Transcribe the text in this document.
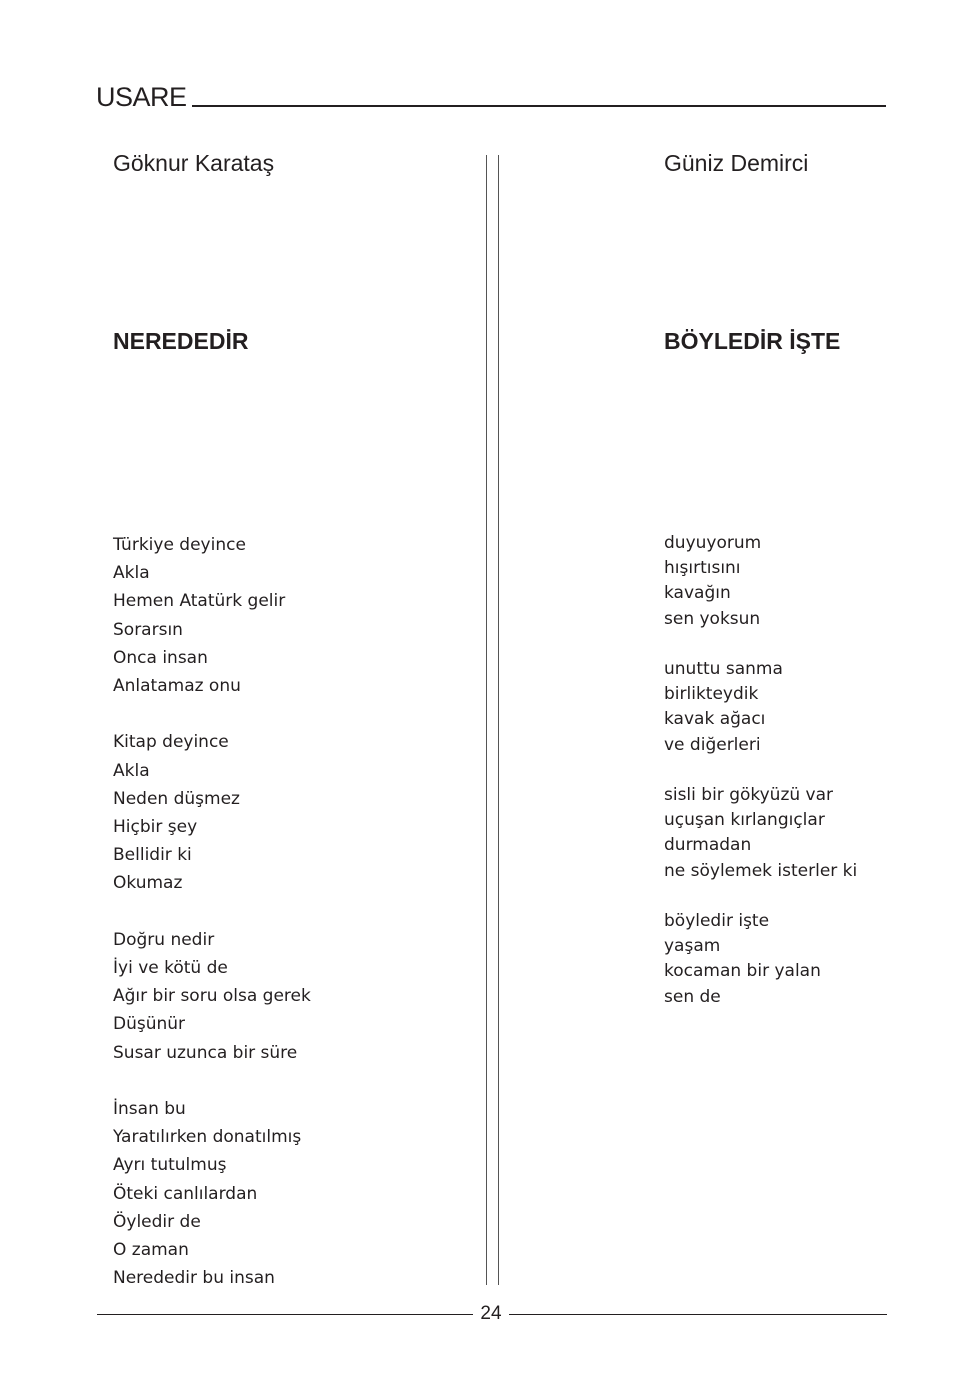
USARE
Göknur Karataş
NEREDEDİR

Türkiye deyince
Akla
Hemen Atatürk gelir
Sorarsın
Onca insan
Anlatamaz onu

Kitap deyince
Akla
Neden düşmez
Hiçbir şey
Bellidir ki
Okumaz

Doğru nedir
İyi ve kötü de
Ağır bir soru olsa gerek
Düşünür
Susar uzunca bir süre

İnsan bu
Yaratılırken donatılmış
Ayrı tutulmuş
Öteki canlılardan
Öyledir de
O zaman
Nerededir bu insan

Güniz Demirci
BÖYLEDİR İŞTE

duyuyorum
hışırtısını
kavağın
sen yoksun

unuttu sanma
birlikteydik
kavak ağacı
ve diğerleri

sisli bir gökyüzü var
uçuşan kırlangıçlar
durmadan
ne söylemek isterler ki

böyledir işte
yaşam
kocaman bir yalan
sen de

24
